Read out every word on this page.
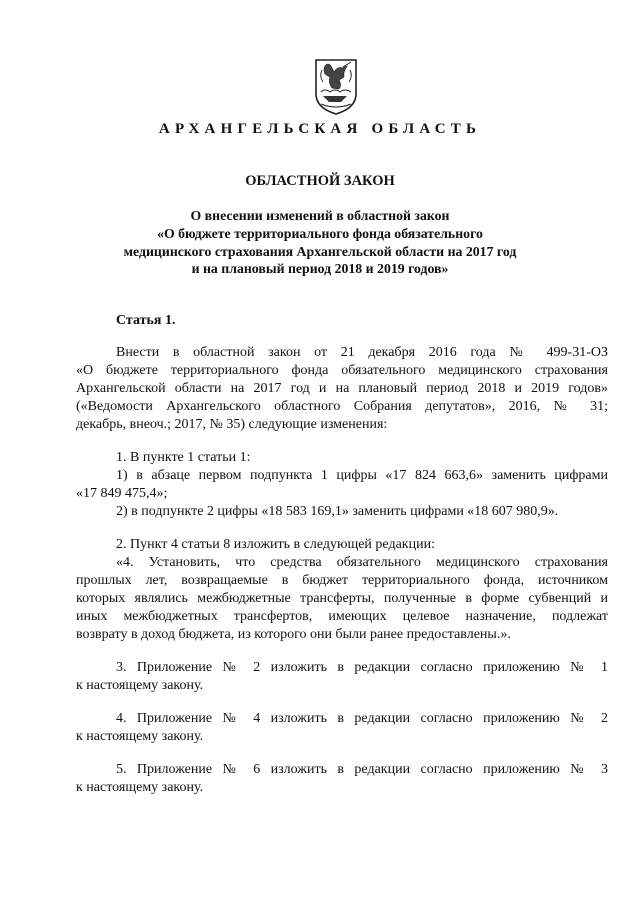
АРХАНГЕЛЬСКАЯ ОБЛАСТЬ
ОБЛАСТНОЙ ЗАКОН
О внесении изменений в областной закон
«О бюджете территориального фонда обязательного
медицинского страхования Архангельской области на 2017 год
и на плановый период 2018 и 2019 годов»
Статья 1.
Внести в областной закон от 21 декабря 2016 года № 499-31-ОЗ
«О бюджете территориального фонда обязательного медицинского страхования
Архангельской области на 2017 год и на плановый период 2018 и 2019 годов»
(«Ведомости Архангельского областного Собрания депутатов», 2016, № 31;
декабрь, внеоч.; 2017, № 35) следующие изменения:
1. В пункте 1 статьи 1:
1) в абзаце первом подпункта 1 цифры «17 824 663,6» заменить цифрами
«17 849 475,4»;
2) в подпункте 2 цифры «18 583 169,1» заменить цифрами «18 607 980,9».
2. Пункт 4 статьи 8 изложить в следующей редакции:
«4. Установить, что средства обязательного медицинского страхования
прошлых лет, возвращаемые в бюджет территориального фонда, источником
которых являлись межбюджетные трансферты, полученные в форме субвенций и
иных межбюджетных трансфертов, имеющих целевое назначение, подлежат
возврату в доход бюджета, из которого они были ранее предоставлены.».
3. Приложение № 2 изложить в редакции согласно приложению № 1
к настоящему закону.
4. Приложение № 4 изложить в редакции согласно приложению № 2
к настоящему закону.
5. Приложение № 6 изложить в редакции согласно приложению № 3
к настоящему закону.
